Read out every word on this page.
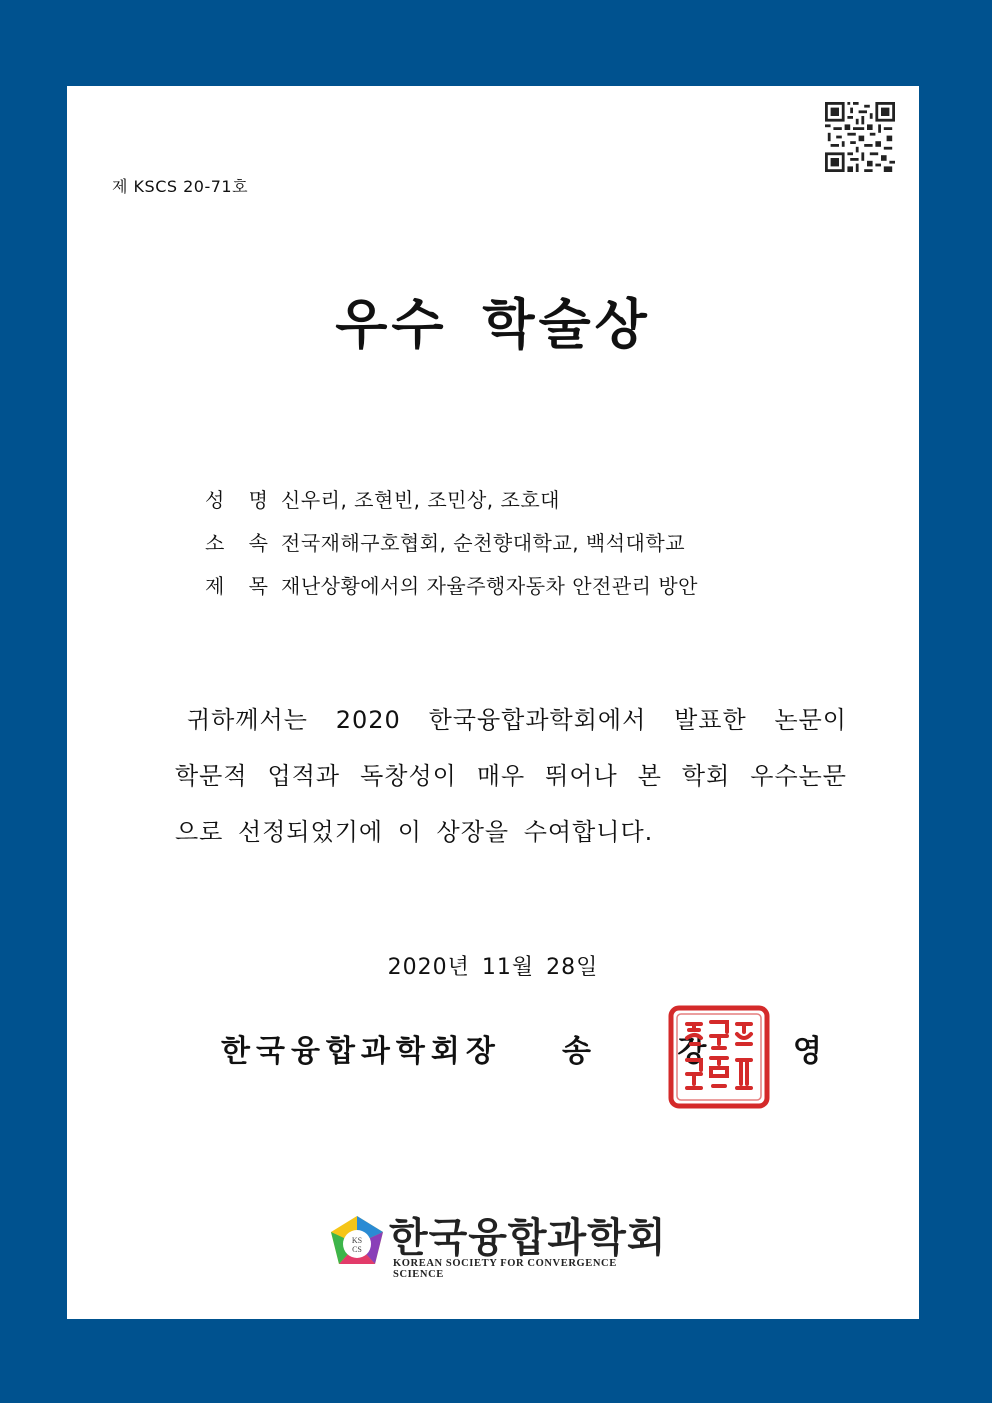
제 KSCS 20-71호
우수 학술상
성 명 신우리, 조현빈, 조민상, 조호대
소 속 전국재해구호협회, 순천향대학교, 백석대학교
제 목 재난상황에서의 자율주행자동차 안전관리 방안
귀하께서는 2020 한국융합과학회에서 발표한 논문이
학문적 업적과 독창성이 매우 뛰어나 본 학회 우수논문
으로 선정되었기에 이 상장을 수여합니다.
2020년 11월 28일
한국융합과학회장 송 강 영
KS
CS 한국융합과학회
KOREAN SOCIETY FOR CONVERGENCE SCIENCE
